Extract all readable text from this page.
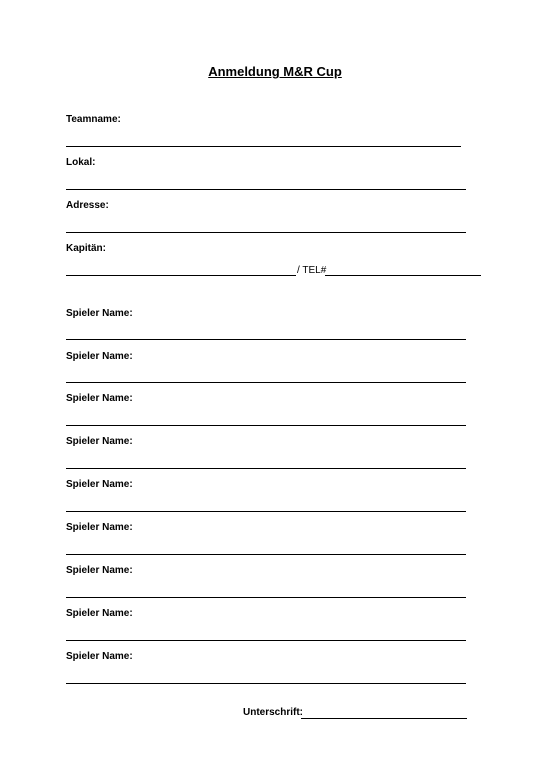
Anmeldung M&R Cup
Teamname:
Lokal:
Adresse:
Kapitän:
/ TEL#
Spieler Name:
Spieler Name:
Spieler Name:
Spieler Name:
Spieler Name:
Spieler Name:
Spieler Name:
Spieler Name:
Spieler Name:
Unterschrift:
